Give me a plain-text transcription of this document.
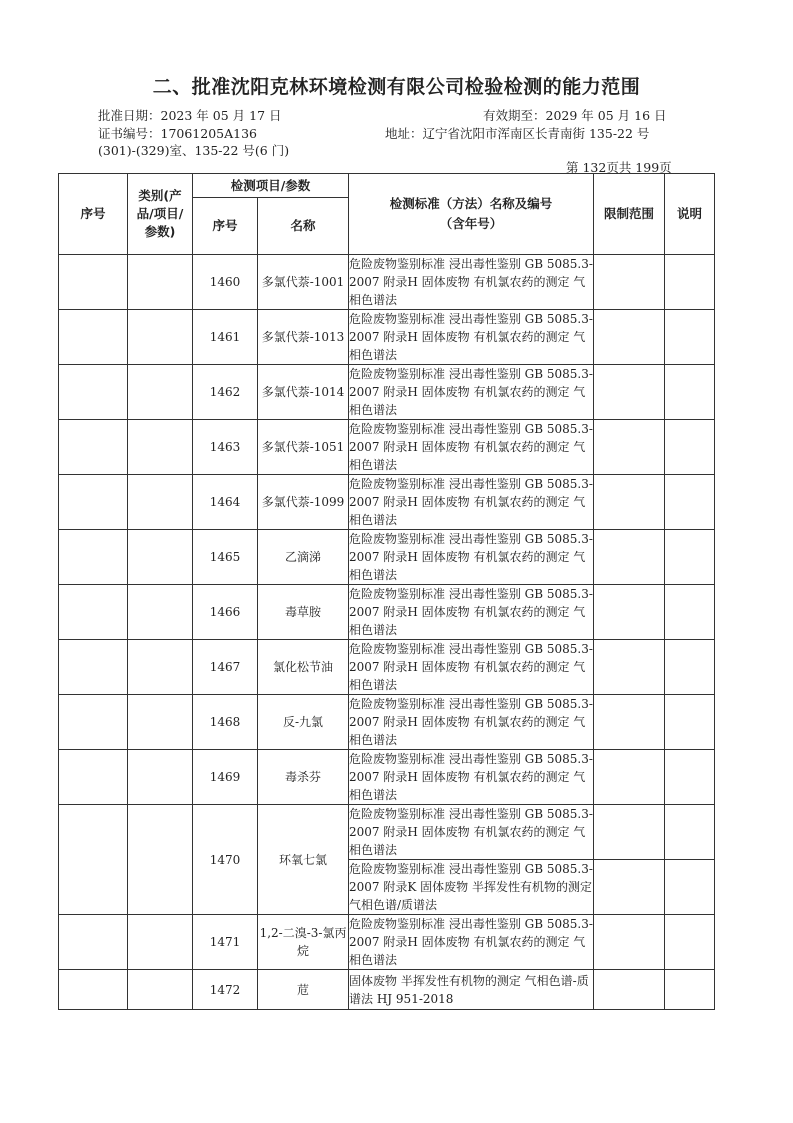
二、批准沈阳克林环境检测有限公司检验检测的能力范围
批准日期：2023 年 05 月 17 日	有效期至：2029 年 05 月 16 日
证书编号：17061205A136	地址：辽宁省沈阳市浑南区长青南街 135-22 号
(301)-(329)室、135-22 号(6 门)
第 132页共 199页
序号	类别(产品/项目/参数)	检测项目/参数		检测标准（方法）名称及编号（含年号）	限制范围	说明
		序号	名称			
		1460	多氯代萘-1001	危险废物鉴别标准 浸出毒性鉴别 GB 5085.3-2007 附录H 固体废物 有机氯农药的测定 气相色谱法		
		1461	多氯代萘-1013	危险废物鉴别标准 浸出毒性鉴别 GB 5085.3-2007 附录H 固体废物 有机氯农药的测定 气相色谱法		
		1462	多氯代萘-1014	危险废物鉴别标准 浸出毒性鉴别 GB 5085.3-2007 附录H 固体废物 有机氯农药的测定 气相色谱法		
		1463	多氯代萘-1051	危险废物鉴别标准 浸出毒性鉴别 GB 5085.3-2007 附录H 固体废物 有机氯农药的测定 气相色谱法		
		1464	多氯代萘-1099	危险废物鉴别标准 浸出毒性鉴别 GB 5085.3-2007 附录H 固体废物 有机氯农药的测定 气相色谱法		
		1465	乙滴涕	危险废物鉴别标准 浸出毒性鉴别 GB 5085.3-2007 附录H 固体废物 有机氯农药的测定 气相色谱法		
		1466	毒草胺	危险废物鉴别标准 浸出毒性鉴别 GB 5085.3-2007 附录H 固体废物 有机氯农药的测定 气相色谱法		
		1467	氯化松节油	危险废物鉴别标准 浸出毒性鉴别 GB 5085.3-2007 附录H 固体废物 有机氯农药的测定 气相色谱法		
		1468	反-九氯	危险废物鉴别标准 浸出毒性鉴别 GB 5085.3-2007 附录H 固体废物 有机氯农药的测定 气相色谱法		
		1469	毒杀芬	危险废物鉴别标准 浸出毒性鉴别 GB 5085.3-2007 附录H 固体废物 有机氯农药的测定 气相色谱法		
		1470	环氧七氯	危险废物鉴别标准 浸出毒性鉴别 GB 5085.3-2007 附录H 固体废物 有机氯农药的测定 气相色谱法		
				危险废物鉴别标准 浸出毒性鉴别 GB 5085.3-2007 附录K 固体废物 半挥发性有机物的测定 气相色谱/质谱法		
		1471	1,2-二溴-3-氯丙烷	危险废物鉴别标准 浸出毒性鉴别 GB 5085.3-2007 附录H 固体废物 有机氯农药的测定 气相色谱法		
		1472	苊	固体废物 半挥发性有机物的测定 气相色谱-质谱法 HJ 951-2018		
